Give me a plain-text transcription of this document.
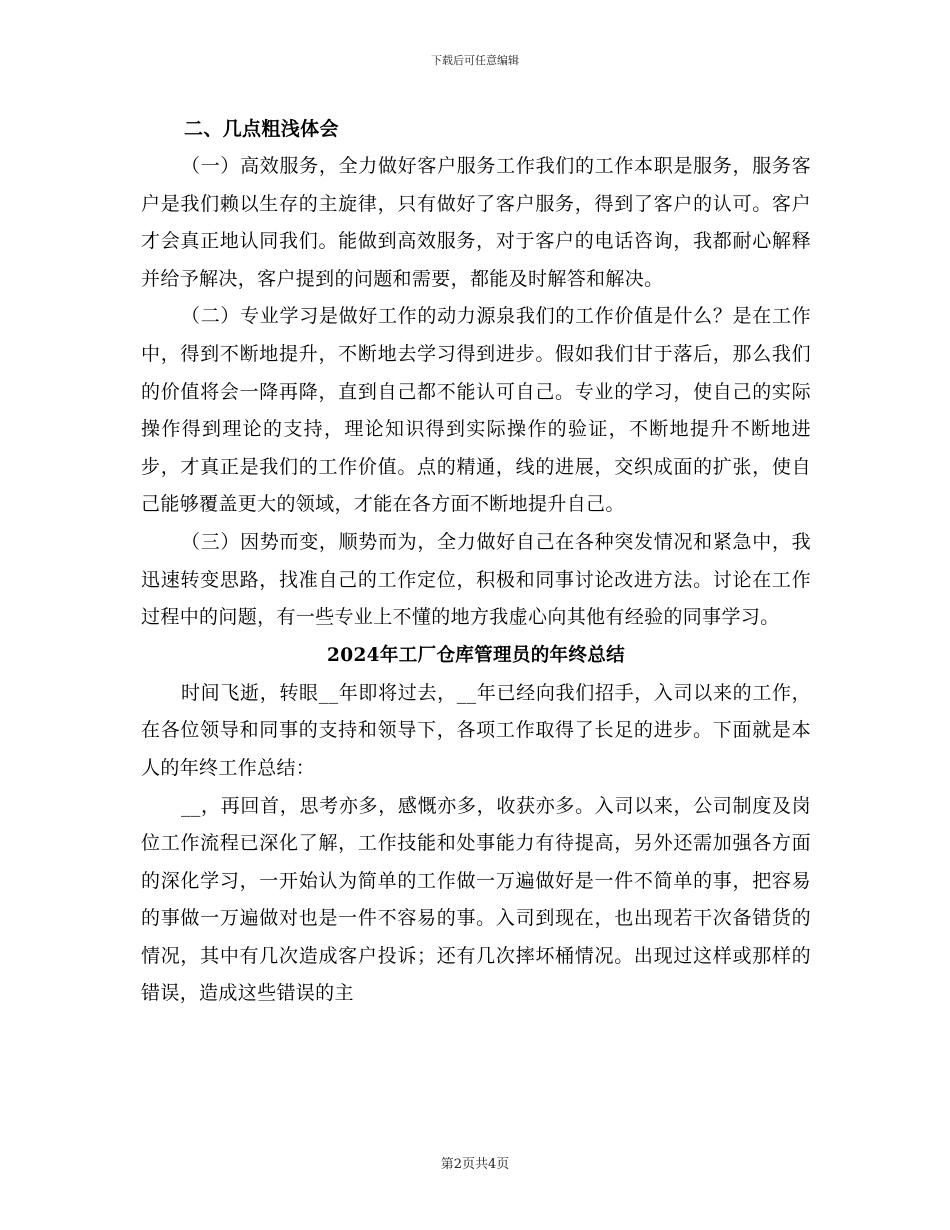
下载后可任意编辑
二、几点粗浅体会

（一）高效服务，全力做好客户服务工作我们的工作本职是服务，服务客户是我们赖以生存的主旋律，只有做好了客户服务，得到了客户的认可。客户才会真正地认同我们。能做到高效服务，对于客户的电话咨询，我都耐心解释并给予解决，客户提到的问题和需要，都能及时解答和解决。

（二）专业学习是做好工作的动力源泉我们的工作价值是什么？是在工作中，得到不断地提升，不断地去学习得到进步。假如我们甘于落后，那么我们的价值将会一降再降，直到自己都不能认可自己。专业的学习，使自己的实际操作得到理论的支持，理论知识得到实际操作的验证，不断地提升不断地进步，才真正是我们的工作价值。点的精通，线的进展，交织成面的扩张，使自己能够覆盖更大的领域，才能在各方面不断地提升自己。

（三）因势而变，顺势而为，全力做好自己在各种突发情况和紧急中，我迅速转变思路，找准自己的工作定位，积极和同事讨论改进方法。讨论在工作过程中的问题，有一些专业上不懂的地方我虚心向其他有经验的同事学习。

2024年工厂仓库管理员的年终总结

时间飞逝，转眼__年即将过去，__年已经向我们招手，入司以来的工作，在各位领导和同事的支持和领导下，各项工作取得了长足的进步。下面就是本人的年终工作总结：

__，再回首，思考亦多，感慨亦多，收获亦多。入司以来，公司制度及岗位工作流程已深化了解，工作技能和处事能力有待提高，另外还需加强各方面的深化学习，一开始认为简单的工作做一万遍做好是一件不简单的事，把容易的事做一万遍做对也是一件不容易的事。入司到现在，也出现若干次备错货的情况，其中有几次造成客户投诉；还有几次摔坏桶情况。出现过这样或那样的错误，造成这些错误的主

第2页共4页
